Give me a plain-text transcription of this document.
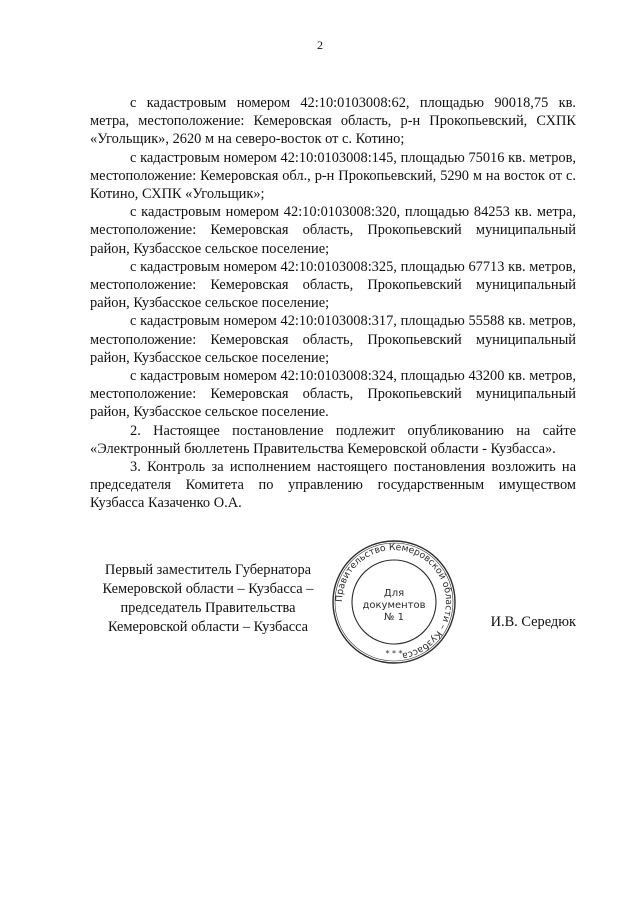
2

с кадастровым номером 42:10:0103008:62, площадью 90018,75 кв. метра, местоположение: Кемеровская область, р-н Прокопьевский, СХПК «Угольщик», 2620 м на северо-восток от с. Котино;

с кадастровым номером 42:10:0103008:145, площадью 75016 кв. метров, местоположение: Кемеровская обл., р-н Прокопьевский, 5290 м на восток от с. Котино, СХПК «Угольщик»;

с кадастровым номером 42:10:0103008:320, площадью 84253 кв. метра, местоположение: Кемеровская область, Прокопьевский муниципальный район, Кузбасское сельское поселение;

с кадастровым номером 42:10:0103008:325, площадью 67713 кв. метров, местоположение: Кемеровская область, Прокопьевский муниципальный район, Кузбасское сельское поселение;

с кадастровым номером 42:10:0103008:317, площадью 55588 кв. метров, местоположение: Кемеровская область, Прокопьевский муниципальный район, Кузбасское сельское поселение;

с кадастровым номером 42:10:0103008:324, площадью 43200 кв. метров, местоположение: Кемеровская область, Прокопьевский муниципальный район, Кузбасское сельское поселение.

2. Настоящее постановление подлежит опубликованию на сайте «Электронный бюллетень Правительства Кемеровской области - Кузбасса».

3. Контроль за исполнением настоящего постановления возложить на председателя Комитета по управлению государственным имуществом Кузбасса Казаченко О.А.

Первый заместитель Губернатора
Кемеровской области – Кузбасса –
председатель Правительства
Кемеровской области – Кузбасса
Правительство Кемеровской области – Кузбасса
Для
документов
№ 1
* * *
И.В. Середюк
